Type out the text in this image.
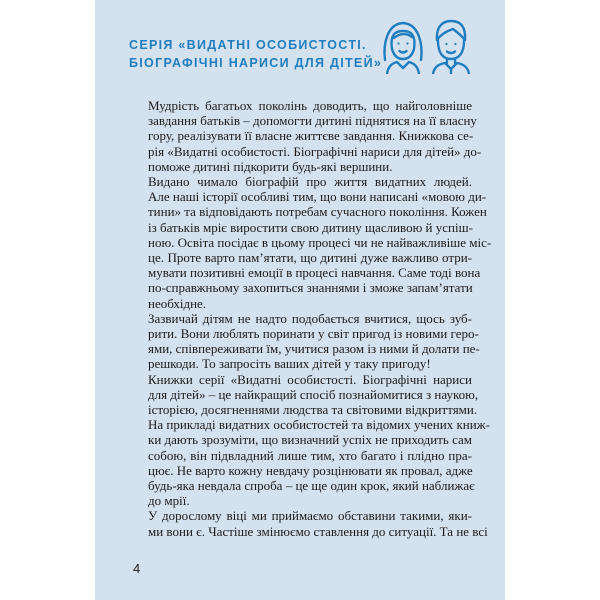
СЕРІЯ «ВИДАТНІ ОСОБИСТОСТІ.
БІОГРАФІЧНІ НАРИСИ ДЛЯ ДІТЕЙ»

Мудрість багатьох поколінь доводить, що найголовніше
завдання батьків – допомогти дитині піднятися на її власну
гору, реалізувати її власне життєве завдання. Книжкова се-
рія «Видатні особистості. Біографічні нариси для дітей» до-
поможе дитині підкорити будь-які вершини.

Видано чимало біографій про життя видатних людей.
Але наші історії особливі тим, що вони написані «мовою ди-
тини» та відповідають потребам сучасного покоління. Кожен
із батьків мріє виростити свою дитину щасливою й успіш-
ною. Освіта посідає в цьому процесі чи не найважливіше міс-
це. Проте варто пам’ятати, що дитині дуже важливо отри-
мувати позитивні емоції в процесі навчання. Саме тоді вона
по-справжньому захопиться знаннями і зможе запам’ятати
необхідне.

Зазвичай дітям не надто подобається вчитися, щось зуб-
рити. Вони люблять поринати у світ пригод із новими геро-
ями, співпереживати їм, учитися разом із ними й долати пе-
решкоди. То запросіть ваших дітей у таку пригоду!

Книжки серії «Видатні особистості. Біографічні нариси
для дітей» – це найкращий спосіб познайомитися з наукою,
історією, досягненнями людства та світовими відкриттями.
На прикладі видатних особистостей та відомих учених книж-
ки дають зрозуміти, що визначний успіх не приходить сам
собою, він підвладний лише тим, хто багато і плідно пра-
цює. Не варто кожну невдачу розцінювати як провал, адже
будь-яка невдала спроба – це ще один крок, який наближає
до мрії.

У дорослому віці ми приймаємо обставини такими, яки-
ми вони є. Частіше змінюємо ставлення до ситуації. Та не всі

4
